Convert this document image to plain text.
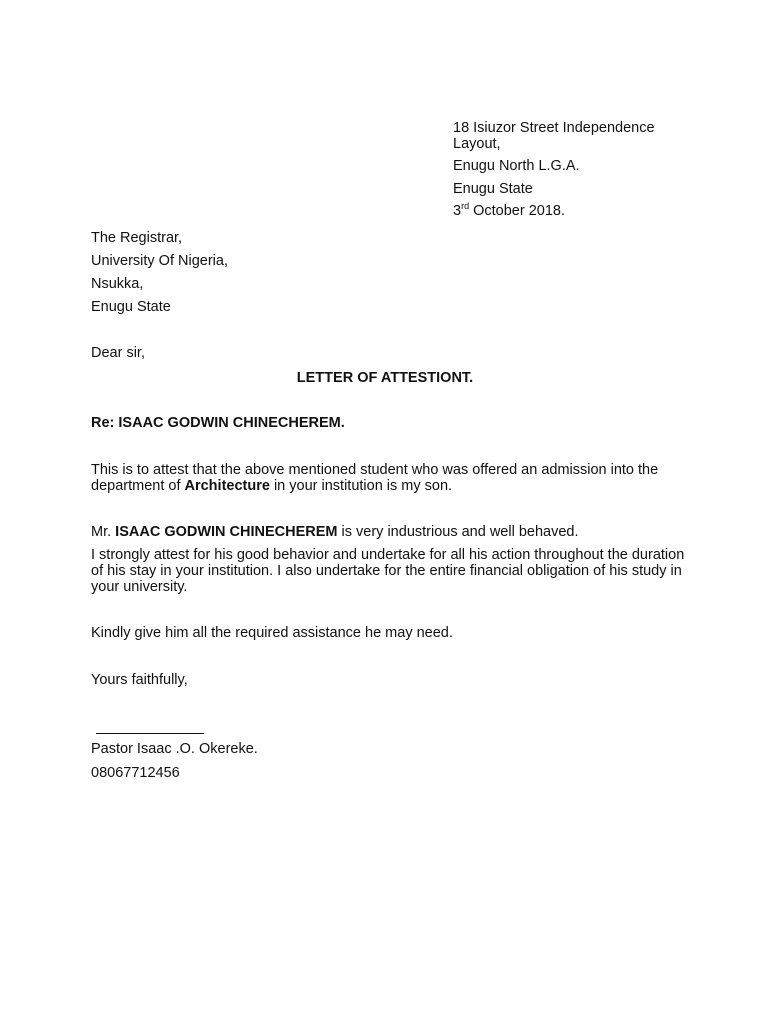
18 Isiuzor Street Independence
Layout,
Enugu North L.G.A.
Enugu State
3rd October 2018.
The Registrar,
University Of Nigeria,
Nsukka,
Enugu State
Dear sir,
LETTER OF ATTESTIONT.
Re: ISAAC GODWIN CHINECHEREM.
This is to attest that the above mentioned student who was offered an admission into the department of Architecture in your institution is my son.
Mr. ISAAC GODWIN CHINECHEREM is very industrious and well behaved.
I strongly attest for his good behavior and undertake for all his action throughout the duration of his stay in your institution. I also undertake for the entire financial obligation of his study in your university.
Kindly give him all the required assistance he may need.
Yours faithfully,
Pastor Isaac .O. Okereke.
08067712456
